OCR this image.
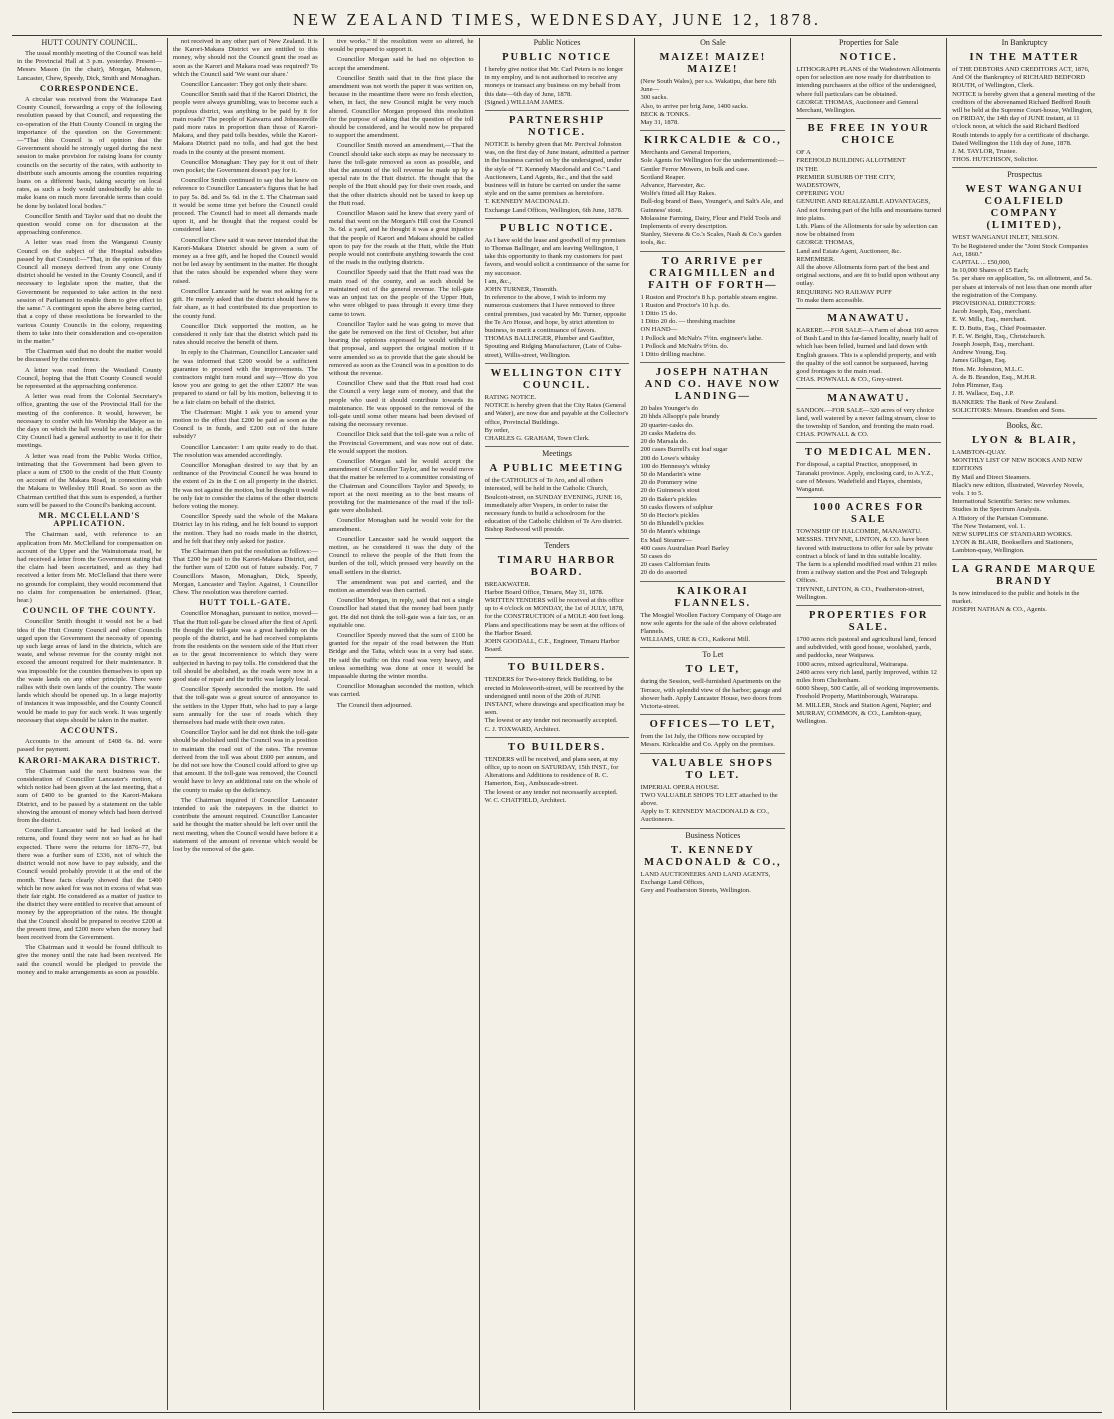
NEW ZEALAND TIMES, WEDNESDAY, JUNE 12, 1878.
HUTT COUNTY COUNCIL.

The usual monthly meeting of the Council was held in the Provincial Hall at 3 p.m. yesterday. Present—Messrs Mason (in the chair), Morgan, Mabeson, Lancaster, Chew, Speedy, Dick, Smith and Monaghan.

CORRESPONDENCE.

A circular was received from the Wairarapa East County Council, forwarding a copy of the following resolution passed by that Council, and requesting the co-operation of the Hutt County Council in urging the importance of the question on the Government:—"That this Council is of opinion that the Government should be strongly urged during the next session to make provision for raising loans for county councils on the security of the rates, with authority to distribute such amounts among the counties requiring loans on a different basis, taking security on local rates, as such a body would undoubtedly be able to make loans on much more favorable terms than could be done by isolated local bodies."

Councillor Smith and Taylor said that no doubt the question would come on for discussion at the approaching conference.

A letter was read from the Wanganui County Council on the subject of the Hospital subsidies passed by that Council:—"That, in the opinion of this Council all moneys derived from any one County district should be vested in the County Council, and if necessary to legislate upon the matter, that the Government be requested to take action in the next session of Parliament to enable them to give effect to the same." A contingent upon the above being carried, that a copy of these resolutions be forwarded to the various County Councils in the colony, requesting them to take into their consideration and co-operation in the matter."

The Chairman said that no doubt the matter would be discussed by the conference.

A letter was read from the Westland County Council, hoping that the Hutt County Council would be represented at the approaching conference.

A letter was read from the Colonial Secretary's office, granting the use of the Provincial Hall for the meeting of the conference. It would, however, be necessary to confer with his Worship the Mayor as to the days on which the hall would be available, as the City Council had a general authority to use it for their meetings.

A letter was read from the Public Works Office, intimating that the Government had been given to place a sum of £500 to the credit of the Hutt County on account of the Makara Road, in connection with the Makara to Wellesley Hill Road. So soon as the Chairman certified that this sum is expended, a further sum will be passed to the Council's banking account.

MR. MCCLELLAND'S APPLICATION.

The Chairman said, with reference to an application from Mr. McClelland for compensation on account of the Upper and the Wainuiomata road, he had received a letter from the Government stating that the claim had been ascertained, and as they had received a letter from Mr. McClelland that there were no grounds for complaint, they would recommend that no claim for compensation be entertained. (Hear, hear.)

COUNCIL OF THE COUNTY.

Councillor Smith thought it would not be a bad idea if the Hutt County Council and other Councils urged upon the Government the necessity of opening up such large areas of land in the districts, which are waste, and whose revenue for the county might not exceed the amount required for their maintenance. It was impossible for the counties themselves to open up the waste lands on any other principle. There were rallies with their own lands of the country. The waste lands which should be opened up. In a large majority of instances it was impossible, and the County Council would be made to pay for such work. It was urgently necessary that steps should be taken in the matter.

ACCOUNTS.

Accounts to the amount of £408 6s. 8d. were passed for payment.

KARORI-MAKARA DISTRICT.

The Chairman said the next business was the consideration of Councillor Lancaster's motion, of which notice had been given at the last meeting, that a sum of £400 to be granted to the Karori-Makara District, and to be passed by a statement on the table showing the amount of money which had been derived from the district.

Councillor Lancaster said he had looked at the returns, and found they were not so bad as he had expected. There were the returns for 1876–77, but there was a further sum of £336, not of which the district would not now have to pay subsidy, and the Council would probably provide it at the end of the month. These facts clearly showed that the £400 which he now asked for was not in excess of what was their fair right. He considered as a matter of justice to the district they were entitled to receive that amount of money by the appropriation of the rates. He thought that the Council should be prepared to receive £200 at the present time, and £200 more when the money had been received from the Government.

The Chairman said it would be found difficult to give the money until the rate had been received. He said the council would be pledged to provide the money and to make arrangements as soon as possible.

not received in any other part of New Zealand. It is the Karori-Makara District we are entitled to this money, why should not the Council grant the road as soon as the Karori and Makara road was required? To which the Council said 'We want our share.'

Councillor Lancaster: They got only their share.

Councillor Smith said that if the Karori District, the people were always grumbling, was to become such a populous district, was anything to be paid by it for main roads? The people of Kaiwarra and Johnsonville paid more rates in proportion than those of Karori-Makara, and they paid tolls besides, while the Karori-Makara District paid no tolls, and had got the best roads in the county at the present moment.

Councillor Monaghan: They pay for it out of their own pocket; the Government doesn't pay for it.

Councillor Smith continued to say that he knew on reference to Councillor Lancaster's figures that he had to pay 5s. 8d. and 5s. 6d. in the £. The Chairman said it would be some time yet before the Council could proceed. The Council had to meet all demands made upon it, and he thought that the request could be considered later.

Councillor Chew said it was never intended that the Karori-Makara District should be given a sum of money as a free gift, and he hoped the Council would not be led away by sentiment in the matter. He thought that the rates should be expended where they were raised.

Councillor Lancaster said he was not asking for a gift. He merely asked that the district should have its fair share, as it had contributed its due proportion to the county fund.

Councillor Dick supported the motion, as he considered it only fair that the district which paid its rates should receive the benefit of them.

In reply to the Chairman, Councillor Lancaster said he was informed that £200 would be a sufficient guarantee to proceed with the improvements. The contractors might turn round and say—'How do you know you are going to get the other £200?' He was prepared to stand or fall by his motion, believing it to be a fair claim on behalf of the district.

The Chairman: Might I ask you to amend your motion to the effect that £200 be paid as soon as the Council is in funds, and £200 out of the future subsidy?

Councillor Lancaster: I am quite ready to do that. The resolution was amended accordingly.

Councillor Monaghan desired to say that by an ordinance of the Provincial Council he was bound to the extent of 2s in the £ on all property in the district. He was not against the motion, but he thought it would be only fair to consider the claims of the other districts before voting the money.

Councillor Speedy said the whole of the Makara District lay in his riding, and he felt bound to support the motion. They had no roads made in the district, and he felt that they only asked for justice.

The Chairman then put the resolution as follows:—That £200 be paid to the Karori-Makara District, and the further sum of £200 out of future subsidy. For, 7 Councillors Mason, Monaghan, Dick, Speedy, Morgan, Lancaster and Taylor. Against, 1 Councillor Chew. The resolution was therefore carried.

HUTT TOLL-GATE.

Councillor Monaghan, pursuant to notice, moved—That the Hutt toll-gate be closed after the first of April. He thought the toll-gate was a great hardship on the people of the district, and he had received complaints from the residents on the western side of the Hutt river as to the great inconvenience to which they were subjected in having to pay tolls. He considered that the toll should be abolished, as the roads were now in a good state of repair and the traffic was largely local.

Councillor Speedy seconded the motion. He said that the toll-gate was a great source of annoyance to the settlers in the Upper Hutt, who had to pay a large sum annually for the use of roads which they themselves had made with their own rates.

Councillor Taylor said he did not think the toll-gate should be abolished until the Council was in a position to maintain the road out of the rates. The revenue derived from the toll was about £600 per annum, and he did not see how the Council could afford to give up that amount. If the toll-gate was removed, the Council would have to levy an additional rate on the whole of the county to make up the deficiency.

The Chairman inquired if Councillor Lancaster intended to ask the ratepayers in the district to contribute the amount required. Councillor Lancaster said he thought the matter should be left over until the next meeting, when the Council would have before it a statement of the amount of revenue which would be lost by the removal of the gate.

tive works." If the resolution were so altered, he would be prepared to support it.

Councillor Morgan said he had no objection to accept the amendment.

Councillor Smith said that in the first place the amendment was not worth the paper it was written on, because in the meantime there were no fresh election, when, in fact, the new Council might be very much altered. Councillor Morgan proposed this resolution for the purpose of asking that the question of the toll should be considered, and he would now be prepared to support the amendment.

Councillor Smith moved an amendment,—That the Council should take such steps as may be necessary to have the toll-gate removed as soon as possible, and that the amount of the toll revenue be made up by a special rate in the Hutt district. He thought that the people of the Hutt should pay for their own roads, and that the other districts should not be taxed to keep up the Hutt road.

Councillor Mason said he knew that every yard of metal that went on the Morgan's Hill cost the Council 3s. 6d. a yard, and he thought it was a great injustice that the people of Karori and Makara should be called upon to pay for the roads at the Hutt, while the Hutt people would not contribute anything towards the cost of the roads in the outlying districts.

Councillor Speedy said that the Hutt road was the main road of the county, and as such should be maintained out of the general revenue. The toll-gate was an unjust tax on the people of the Upper Hutt, who were obliged to pass through it every time they came to town.

Councillor Taylor said he was going to move that the gate be removed on the first of October, but after hearing the opinions expressed he would withdraw that proposal, and support the original motion if it were amended so as to provide that the gate should be removed as soon as the Council was in a position to do without the revenue.

Councillor Chew said that the Hutt road had cost the Council a very large sum of money, and that the people who used it should contribute towards its maintenance. He was opposed to the removal of the toll-gate until some other means had been devised of raising the necessary revenue.

Councillor Dick said that the toll-gate was a relic of the Provincial Government, and was now out of date. He would support the motion.

Councillor Morgan said he would accept the amendment of Councillor Taylor, and he would move that the matter be referred to a committee consisting of the Chairman and Councillors Taylor and Speedy, to report at the next meeting as to the best means of providing for the maintenance of the road if the toll-gate were abolished.

Councillor Monaghan said he would vote for the amendment.

Councillor Lancaster said he would support the motion, as he considered it was the duty of the Council to relieve the people of the Hutt from the burden of the toll, which pressed very heavily on the small settlers in the district.

The amendment was put and carried, and the motion as amended was then carried.

Councillor Morgan, in reply, said that not a single Councillor had stated that the money had been justly got. He did not think the toll-gate was a fair tax, or an equitable one.

Councillor Speedy moved that the sum of £100 be granted for the repair of the road between the Hutt Bridge and the Taita, which was in a very bad state. He said the traffic on this road was very heavy, and unless something was done at once it would be impassable during the winter months.

Councillor Monaghan seconded the motion, which was carried.

The Council then adjourned.

Public Notices
PUBLIC NOTICE
I hereby give notice that Mr. Carl Peters is no longer in my employ, and is not authorised to receive any moneys or transact any business on my behalf from this date—6th day of June, 1878.
(Signed.) WILLIAM JAMES.
PARTNERSHIP NOTICE.
NOTICE is hereby given that Mr. Percival Johnston was, on the first day of June instant, admitted a partner in the business carried on by the undersigned, under the style of "T. Kennedy Macdonald and Co." Land Auctioneers, Land Agents, &c., and that the said business will in future be carried on under the same style and on the same premises as heretofore.
T. KENNEDY MACDONALD.
Exchange Land Offices, Wellington, 6th June, 1878.
PUBLIC NOTICE.
As I have sold the lease and goodwill of my premises to Thomas Ballinger, and am leaving Wellington, I take this opportunity to thank my customers for past favors, and would solicit a continuance of the same for my successor.
I am, &c.,
JOHN TURNER, Tinsmith.
In reference to the above, I wish to inform my numerous customers that I have removed to three central premises, just vacated by Mr. Turner, opposite the Te Aro House, and hope, by strict attention to business, to merit a continuance of favors.
THOMAS BALLINGER, Plumber and Gasfitter, Spouting and Ridging Manufacturer, (Late of Cuba-street), Willis-street, Wellington.
WELLINGTON CITY COUNCIL.
RATING NOTICE.
NOTICE is hereby given that the City Rates (General and Water), are now due and payable at the Collector's office, Provincial Buildings.
By order,
CHARLES G. GRAHAM, Town Clerk.
Meetings
A PUBLIC MEETING
of the CATHOLICS of Te Aro, and all others interested, will be held in the Catholic Church, Boulcott-street, on SUNDAY EVENING, JUNE 16, immediately after Vespers, in order to raise the necessary funds to build a schoolroom for the education of the Catholic children of Te Aro district.
Bishop Redwood will preside.
Tenders
TIMARU HARBOR BOARD.
BREAKWATER.
Harbor Board Office, Timaru, May 31, 1878.
WRITTEN TENDERS will be received at this office up to 4 o'clock on MONDAY, the 1st of JULY, 1878, for the CONSTRUCTION of a MOLE 400 feet long.
Plans and specifications may be seen at the offices of the Harbor Board.
JOHN GOODALL, C.E., Engineer, Timaru Harbor Board.
TO BUILDERS.
TENDERS for Two-storey Brick Building, to be erected in Molesworth-street, will be received by the undersigned until noon of the 20th of JUNE INSTANT, where drawings and specification may be seen.
The lowest or any tender not necessarily accepted.
C. J. TOXWARD, Architect.
TO BUILDERS.
TENDERS will be received, and plans seen, at my office, up to noon on SATURDAY, 15th INST., for Alterations and Additions to residence of R. C. Hamerton, Esq., Ambuscade-street.
The lowest or any tender not necessarily accepted.
W. C. CHATFIELD, Architect.
On Sale
MAIZE! MAIZE! MAIZE!
(New South Wales), per s.s. Wakatipu, due here 6th June—
300 sacks.
Also, to arrive per brig Jane, 1400 sacks.
BECK & TONKS.
May 31, 1878.
KIRKCALDIE & CO.,
Merchants and General Importers,
Sole Agents for Wellington for the undermentioned:—
Gentler Ferror Mowers, in bulk and case.
Scotland Reaper.
Advance, Harvester, &c.
Wolfe's fitted all Hay Rakes.
Bull-dog brand of Bass, Younger's, and Salt's Ale, and Guinness' stout.
Molassine Farming, Dairy, Flour and Field Tools and Implements of every description.
Stanley, Stevens & Co.'s Scales, Nash & Co.'s garden tools, &c.
TO ARRIVE per CRAIGMILLEN and FAITH OF FORTH—
1 Ruston and Proctor's 8 h.p. portable steam engine.
1 Ruston and Proctor's 10 h.p. do.
1 Ditto 15 do.
1 Ditto 20 do. — threshing machine
ON HAND—
1 Pollock and McNab's 7½in. engineer's lathe.
1 Pollock and McNab's 9½in. do.
1 Ditto drilling machine.
JOSEPH NATHAN AND CO. HAVE NOW LANDING—
20 bales Younger's do
20 hhds Allsopp's pale brandy
20 quarter-casks do.
20 casks Madeira do.
20 do Marsala do.
200 cases Burrell's cut loaf sugar
200 do Lowe's whisky
100 do Hennessy's whisky
50 do Mandarin's wine
20 do Pommery wine
20 do Guinness's stout
20 do Baker's pickles
50 casks flowers of sulphur
50 do Hector's pickles
50 do Blundell's pickles
50 do Mann's whitings
Ex Mail Steamer—
400 cases Australian Pearl Barley
50 cases do
20 cases Californian fruits
20 do do assorted
KAIKORAI FLANNELS.
The Mosgiel Woollen Factory Company of Otago are now sole agents for the sale of the above celebrated Flannels.
WILLIAMS, URE & CO., Kaikorai Mill.
To Let
TO LET,
during the Session, well-furnished Apartments on the Terrace, with splendid view of the harbor; garage and shower bath. Apply Lancaster House, two doors from Victoria-street.
OFFICES—TO LET,
from the 1st July, the Offices now occupied by Messrs. Kirkcaldie and Co. Apply on the premises.
VALUABLE SHOPS TO LET.
IMPERIAL OPERA HOUSE.
TWO VALUABLE SHOPS TO LET attached to the above.
Apply to T. KENNEDY MACDONALD & CO., Auctioneers.
Business Notices
T. KENNEDY MACDONALD & CO.,
LAND AUCTIONEERS AND LAND AGENTS,
Exchange Land Offices,
Grey and Featherston Streets, Wellington.
Properties for Sale
NOTICE.
LITHOGRAPH PLANS of the Wadestown Allotments open for selection are now ready for distribution to intending purchasers at the office of the undersigned, where full particulars can be obtained.
GEORGE THOMAS, Auctioneer and General Merchant, Wellington.
BE FREE IN YOUR CHOICE
OF A
FREEHOLD BUILDING ALLOTMENT
IN THE
PREMIER SUBURB OF THE CITY,
WADESTOWN,
OFFERING YOU
GENUINE AND REALIZABLE ADVANTAGES,
And not forming part of the hills and mountains turned into plains.
Lith. Plans of the Allotments for sale by selection can now be obtained from
GEORGE THOMAS,
Land and Estate Agent, Auctioneer, &c.
REMEMBER.
All the above Allotments form part of the best and original sections, and are fit to build upon without any outlay.
REQUIRING NO RAILWAY PUFF
To make them accessible.
MANAWATU.
KARERE.—FOR SALE—A Farm of about 160 acres of Bush Land in this far-famed locality, nearly half of which has been felled, burned and laid down with English grasses. This is a splendid property, and with the quality of the soil cannot be surpassed, having good frontages to the main road.
CHAS. POWNALL & CO., Grey-street.
MANAWATU.
SANDON.—FOR SALE—320 acres of very choice land, well watered by a never failing stream, close to the township of Sandon, and fronting the main road.
CHAS. POWNALL & CO.
TO MEDICAL MEN.
For disposal, a capital Practice, unopposed, in Taranaki province. Apply, enclosing card, to A.Y.Z., care of Messrs. Wadefield and Hayes, chemists, Wanganui.
1000 ACRES FOR SALE
TOWNSHIP OF HALCOMBE, MANAWATU.
MESSRS. THYNNE, LINTON, & CO. have been favored with instructions to offer for sale by private contract a block of land in this suitable locality.
The farm is a splendid modified road within 21 miles from a railway station and the Post and Telegraph Offices.
THYNNE, LINTON, & CO., Featherston-street, Wellington.
PROPERTIES FOR SALE.
1700 acres rich pastoral and agricultural land, fenced and subdivided, with good house, woolshed, yards, and paddocks, near Waipawa.
1000 acres, mixed agricultural, Wairarapa.
2400 acres very rich land, partly improved, within 12 miles from Cheltenham.
6000 Sheep, 500 Cattle, all of working improvements.
Freehold Property, Martinborough, Wairarapa.
M. MILLER, Stock and Station Agent, Napier; and MURRAY, COMMON, & CO., Lambton-quay, Wellington.
In Bankruptcy
IN THE MATTER
of THE DEBTORS AND CREDITORS ACT, 1876, And Of the Bankruptcy of RICHARD BEDFORD ROUTH, of Wellington, Clerk.
NOTICE is hereby given that a general meeting of the creditors of the abovenamed Richard Bedford Routh will be held at the Supreme Court-house, Wellington, on FRIDAY, the 14th day of JUNE instant, at 11 o'clock noon, at which the said Richard Bedford Routh intends to apply for a certificate of discharge.
Dated Wellington the 11th day of June, 1878.
J. M. TAYLOR, Trustee.
THOS. HUTCHISON, Solicitor.
Prospectus
WEST WANGANUI COALFIELD COMPANY (LIMITED),
WEST WANGANUI INLET, NELSON.
To be Registered under the "Joint Stock Companies Act, 1860."
CAPITAL ... £50,000,
In 10,000 Shares of £5 Each;
5s. per share on application, 5s. on allotment, and 5s. per share at intervals of not less than one month after the registration of the Company.
PROVISIONAL DIRECTORS:
Jacob Joseph, Esq., merchant.
E. W. Mills, Esq., merchant.
E. D. Butts, Esq., Chief Postmaster.
F. E. W. Bright, Esq., Christchurch.
Joseph Joseph, Esq., merchant.
Andrew Young, Esq.
James Gilligan, Esq.
Hon. Mr. Johnston, M.L.C.
A. de B. Brandon, Esq., M.H.R.
John Plimmer, Esq.
J. H. Wallace, Esq., J.P.
BANKERS: The Bank of New Zealand.
SOLICITORS: Messrs. Brandon and Sons.
Books, &c.
LYON & BLAIR,
LAMBTON-QUAY.
MONTHLY LIST OF NEW BOOKS AND NEW EDITIONS
By Mail and Direct Steamers.
Black's new edition, illustrated, Waverley Novels, vols. 1 to 5.
International Scientific Series: new volumes.
Studies in the Spectrum Analysis.
A History of the Parisian Commune.
The New Testament, vol. 1.
NEW SUPPLIES OF STANDARD WORKS.
LYON & BLAIR, Booksellers and Stationers, Lambton-quay, Wellington.
LA GRANDE MARQUE BRANDY
Is now introduced to the public and hotels in the market.
JOSEPH NATHAN & CO., Agents.
